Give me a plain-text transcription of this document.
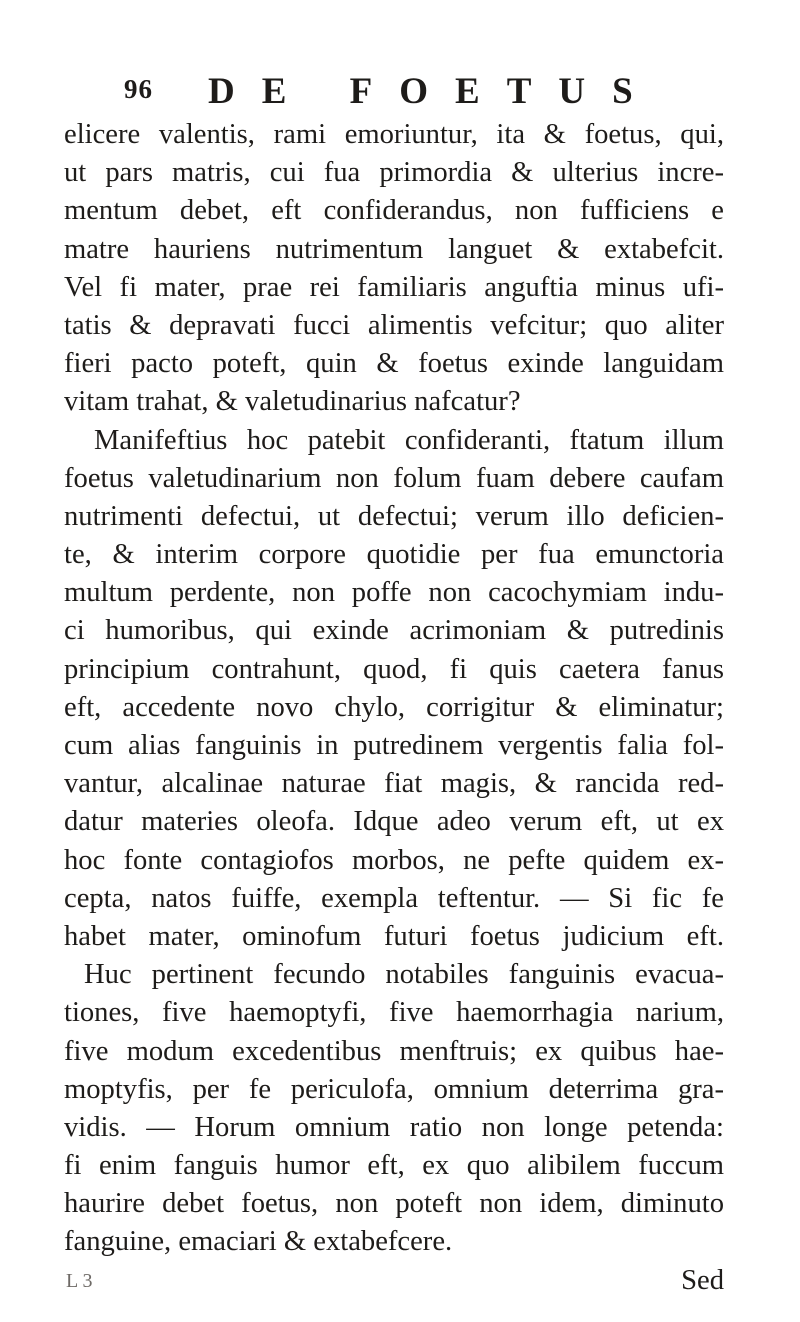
96 DE FOETUS
elicere valentis, rami emoriuntur, ita & foetus, qui,
ut pars matris, cui fua primordia & ulterius incre-
mentum debet, eft confiderandus, non fufficiens e
matre hauriens nutrimentum languet & extabefcit.
Vel fi mater, prae rei familiaris anguftia minus ufi-
tatis & depravati fucci alimentis vefcitur; quo aliter
fieri pacto poteft, quin & foetus exinde languidam
vitam trahat, & valetudinarius nafcatur?
Manifeftius hoc patebit confideranti, ftatum illum
foetus valetudinarium non folum fuam debere caufam
nutrimenti defectui, ut defectui; verum illo deficien-
te, & interim corpore quotidie per fua emunctoria
multum perdente, non poffe non cacochymiam indu-
ci humoribus, qui exinde acrimoniam & putredinis
principium contrahunt, quod, fi quis caetera fanus
eft, accedente novo chylo, corrigitur & eliminatur;
cum alias fanguinis in putredinem vergentis falia fol-
vantur, alcalinae naturae fiat magis, & rancida red-
datur materies oleofa. Idque adeo verum eft, ut ex
hoc fonte contagiofos morbos, ne pefte quidem ex-
cepta, natos fuiffe, exempla teftentur. — Si fic fe
habet mater, ominofum futuri foetus judicium eft.
Huc pertinent fecundo notabiles fanguinis evacua-
tiones, five haemoptyfi, five haemorrhagia narium,
five modum excedentibus menftruis; ex quibus hae-
moptyfis, per fe periculofa, omnium deterrima gra-
vidis. — Horum omnium ratio non longe petenda:
fi enim fanguis humor eft, ex quo alibilem fuccum
haurire debet foetus, non poteft non idem, diminuto
fanguine, emaciari & extabefcere.
L 3	Sed
